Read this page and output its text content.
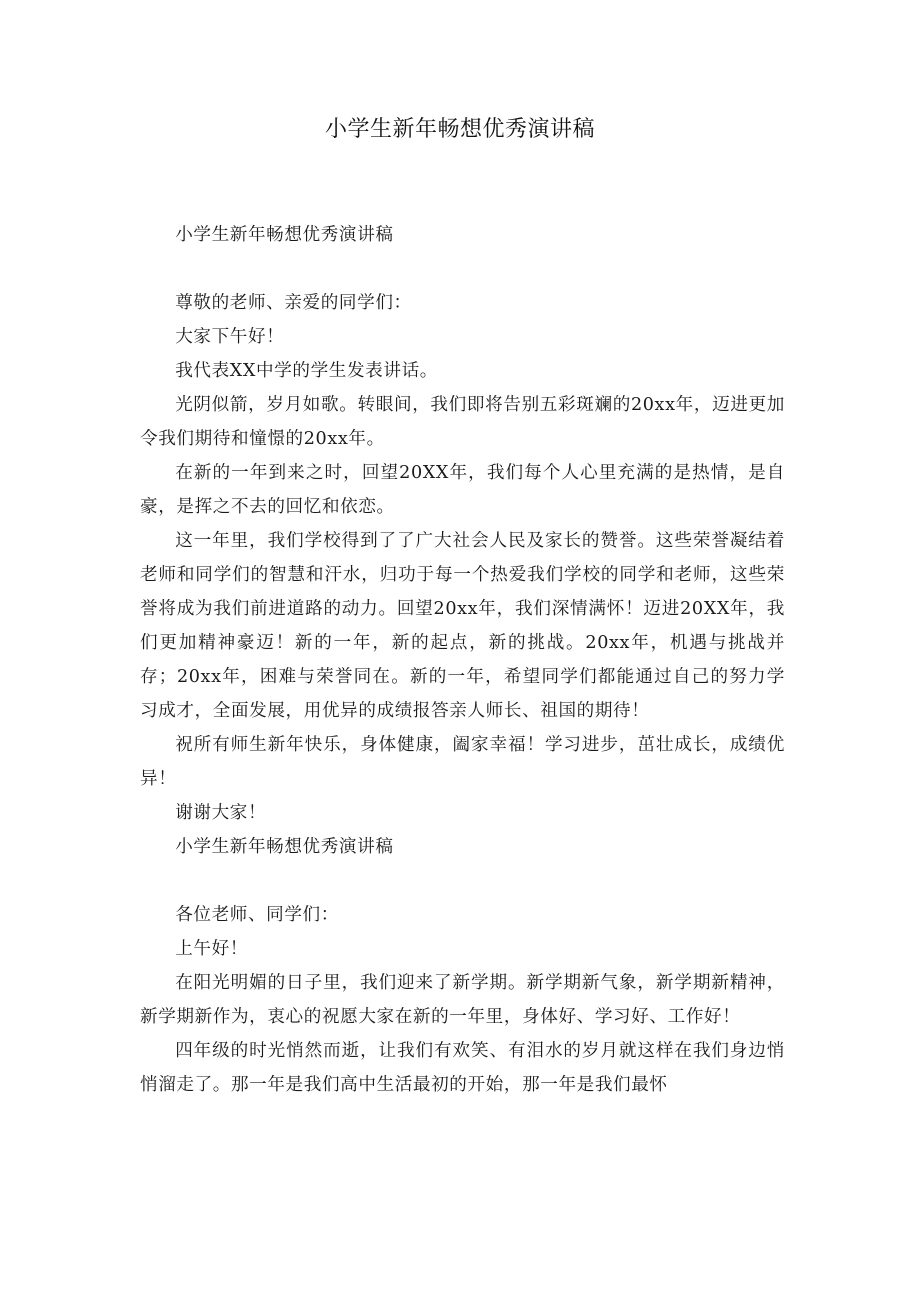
小学生新年畅想优秀演讲稿

小学生新年畅想优秀演讲稿

尊敬的老师、亲爱的同学们：

大家下午好！

我代表XX中学的学生发表讲话。

光阴似箭，岁月如歌。转眼间，我们即将告别五彩斑斓的20xx年，迈进更加令我们期待和憧憬的20xx年。

在新的一年到来之时，回望20XX年，我们每个人心里充满的是热情，是自豪，是挥之不去的回忆和依恋。

这一年里，我们学校得到了了广大社会人民及家长的赞誉。这些荣誉凝结着老师和同学们的智慧和汗水，归功于每一个热爱我们学校的同学和老师，这些荣誉将成为我们前进道路的动力。回望20xx年，我们深情满怀！迈进20XX年，我们更加精神豪迈！新的一年，新的起点，新的挑战。20xx年，机遇与挑战并存；20xx年，困难与荣誉同在。新的一年，希望同学们都能通过自己的努力学习成才，全面发展，用优异的成绩报答亲人师长、祖国的期待！

祝所有师生新年快乐，身体健康，阖家幸福！学习进步，茁壮成长，成绩优异！

谢谢大家！

小学生新年畅想优秀演讲稿

各位老师、同学们：

上午好！

在阳光明媚的日子里，我们迎来了新学期。新学期新气象，新学期新精神，新学期新作为，衷心的祝愿大家在新的一年里，身体好、学习好、工作好！

四年级的时光悄然而逝，让我们有欢笑、有泪水的岁月就这样在我们身边悄悄溜走了。那一年是我们高中生活最初的开始，那一年是我们最怀
